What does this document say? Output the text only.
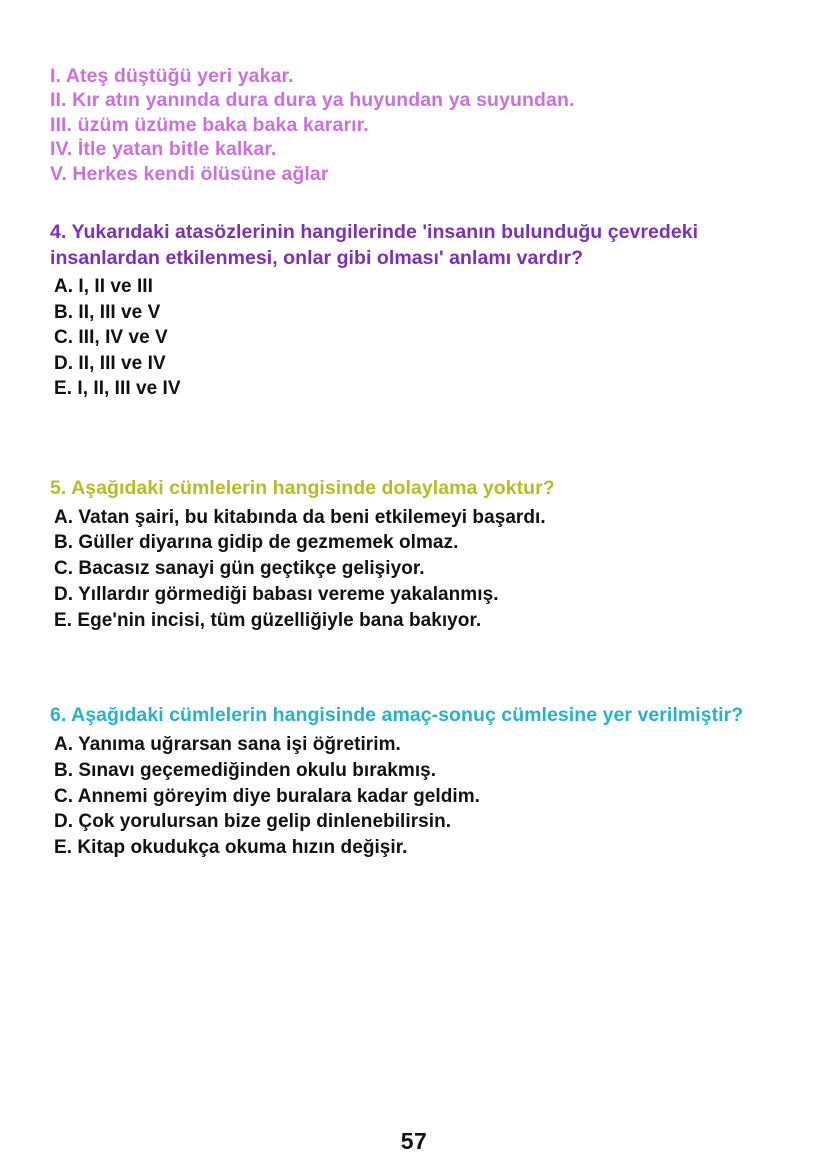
I. Ateş düştüğü yeri yakar.
II. Kır atın yanında dura dura ya huyundan ya suyundan.
III. üzüm üzüme baka baka kararır.
IV. İtle yatan bitle kalkar.
V. Herkes kendi ölüsüne ağlar

4. Yukarıdaki atasözlerinin hangilerinde 'insanın bulunduğu çevredeki
insanlardan etkilenmesi, onlar gibi olması' anlamı vardır?

A. I, II ve III
B. II, III ve V
C. III, IV ve V
D. II, III ve IV
E. I, II, III ve IV

5. Aşağıdaki cümlelerin hangisinde dolaylama yoktur?

A. Vatan şairi, bu kitabında da beni etkilemeyi başardı.
B. Güller diyarına gidip de gezmemek olmaz.
C. Bacasız sanayi gün geçtikçe gelişiyor.
D. Yıllardır görmediği babası vereme yakalanmış.
E. Ege'nin incisi, tüm güzelliğiyle bana bakıyor.

6. Aşağıdaki cümlelerin hangisinde amaç-sonuç cümlesine yer verilmiştir?

A. Yanıma uğrarsan sana işi öğretirim.
B. Sınavı geçemediğinden okulu bırakmış.
C. Annemi göreyim diye buralara kadar geldim.
D. Çok yorulursan bize gelip dinlenebilirsin.
E. Kitap okudukça okuma hızın değişir.
57
